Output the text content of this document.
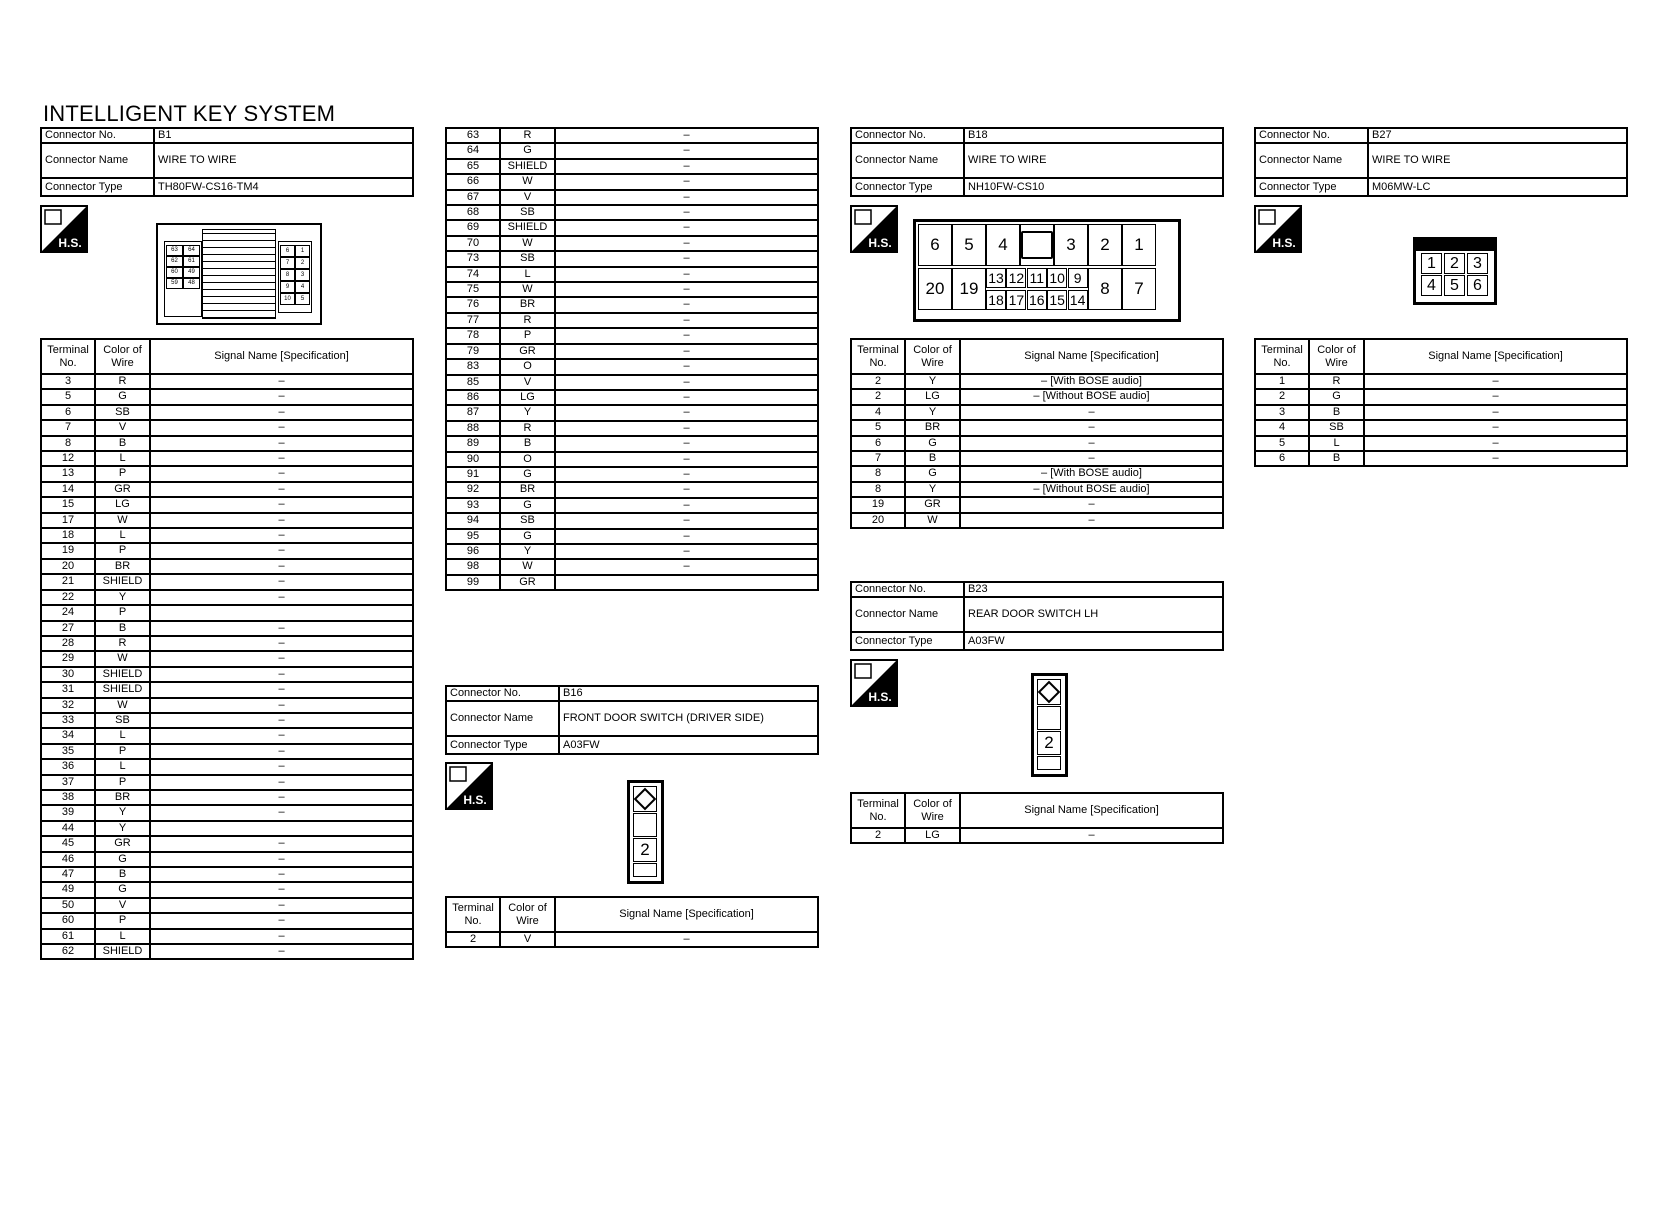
INTELLIGENT KEY SYSTEM
Connector No.	B1
Connector Name	WIRE TO WIRE
Connector Type	TH80FW-CS16-TM4
H.S.	63	64
62	61
60	49
59	48
6	1
7	2
8	3
9	4
10	5
Terminal No.	Color of Wire	Signal Name [Specification]
3	R	–
5	G	–
6	SB	–
7	V	–
8	B	–
12	L	–
13	P	–
14	GR	–
15	LG	–
17	W	–
18	L	–
19	P	–
20	BR	–
21	SHIELD	–
22	Y	–
24	P	
27	B	–
28	R	–
29	W	–
30	SHIELD	–
31	SHIELD	–
32	W	–
33	SB	–
34	L	–
35	P	–
36	L	–
37	P	–
38	BR	–
39	Y	–
44	Y	
45	GR	–
46	G	–
47	B	–
49	G	–
50	V	–
60	P	–
61	L	–
62	SHIELD	–
63	R	–
64	G	–
65	SHIELD	–
66	W	–
67	V	–
68	SB	–
69	SHIELD	–
70	W	–
73	SB	–
74	L	–
75	W	–
76	BR	–
77	R	–
78	P	–
79	GR	–
83	O	–
85	V	–
86	LG	–
87	Y	–
88	R	–
89	B	–
90	O	–
91	G	–
92	BR	–
93	G	–
94	SB	–
95	G	–
96	Y	–
98	W	–
99	GR	
Connector No.	B16
Connector Name	FRONT DOOR SWITCH (DRIVER SIDE)
Connector Type	A03FW
H.S.
2
Terminal No.	Color of Wire	Signal Name [Specification]
2	V	–
Connector No.	B18
Connector Name	WIRE TO WIRE
Connector Type	NH10FW-CS10
H.S.	6	5	4	3	2	1
20 19	8	7
13
18
12
17
11
16
10
15
9
14
Terminal No.	Color of Wire	Signal Name [Specification]
2	Y	– [With BOSE audio]
2	LG	– [Without BOSE audio]
4	Y	–
5	BR	–
6	G	–
7	B	–
8	G	– [With BOSE audio]
8	Y	– [Without BOSE audio]
19	GR	–
20	W	–
Connector No.	B23
Connector Name	REAR DOOR SWITCH LH
Connector Type	A03FW
H.S.
2
Terminal No.	Color of Wire	Signal Name [Specification]
2	LG	–
Connector No.	B27
Connector Name	WIRE TO WIRE
Connector Type	M06MW-LC
H.S.
1
4
2
5
3
6
Terminal No.	Color of Wire	Signal Name [Specification]
1	R	–
2	G	–
3	B	–
4	SB	–
5	L	–
6	B	–
